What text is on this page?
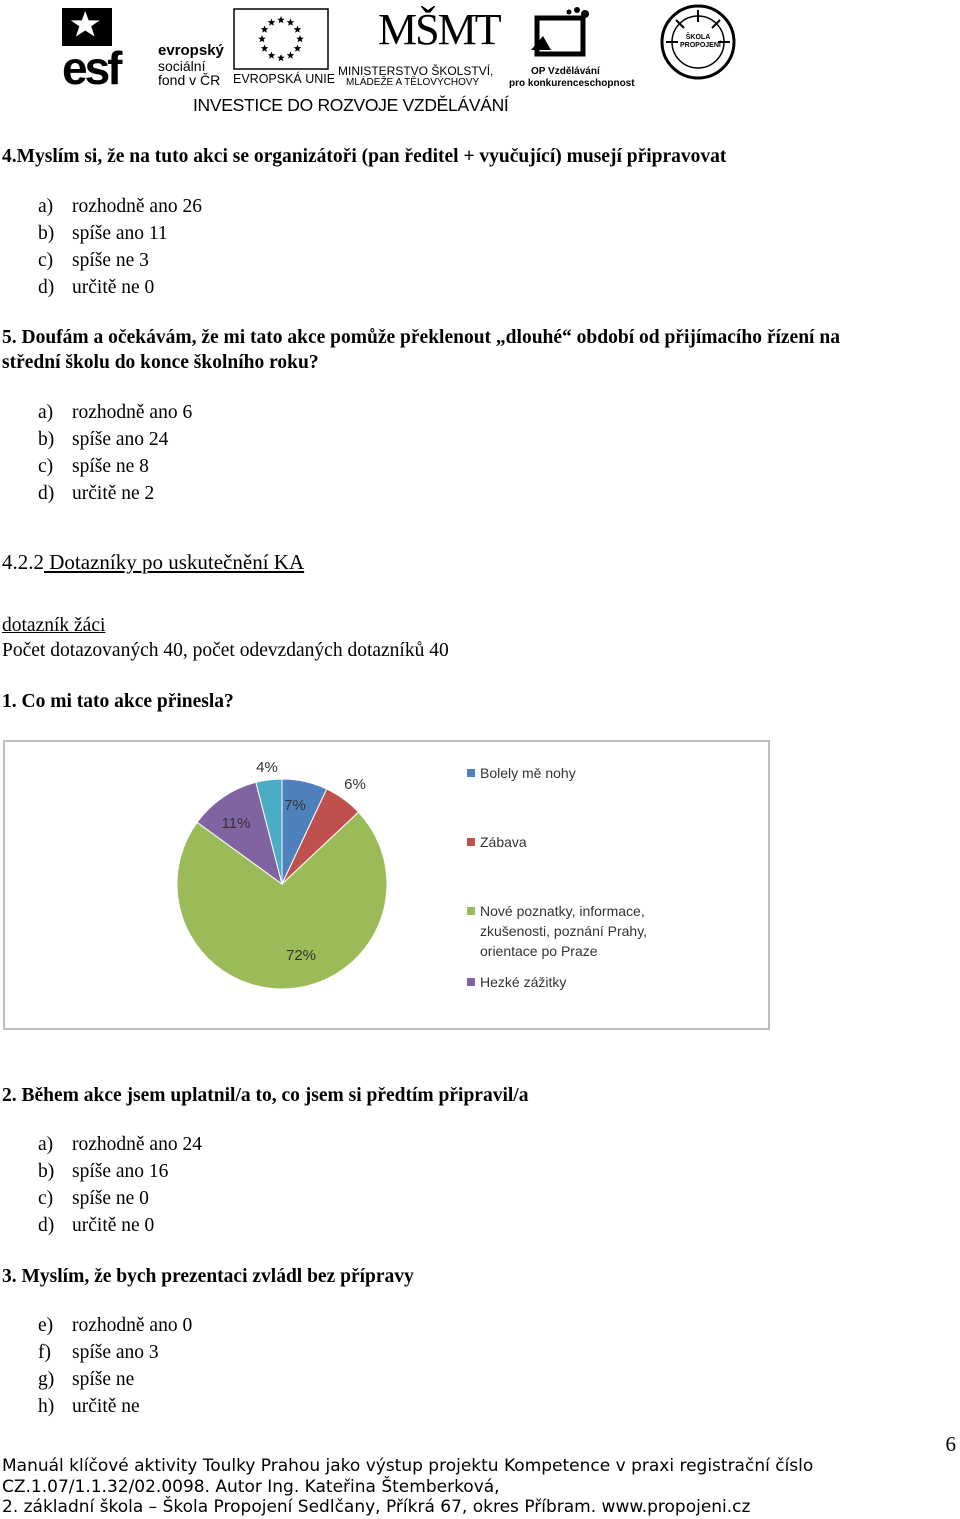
esf	evropský
sociální
fond v ČR EVROPSKÁ UNIE
MŠMT
MINISTERSTVO ŠKOLSTVÍ,
MLÁDEŽE A TĚLOVÝCHOVY
OP Vzdělávání
pro konkurenceschopnost
ŠKOLA PROPOJENÍ
INVESTICE DO ROZVOJE VZDĚLÁVÁNÍ
4.Myslím si, že na tuto akci se organizátoři (pan ředitel + vyučující) musejí připravovat
a) rozhodně ano 26
b) spíše ano 11
c) spíše ne 3
d) určitě ne 0
5. Doufám a očekávám, že mi tato akce pomůže překlenout „dlouhé“ období od přijímacího řízení na
střední školu do konce školního roku?
a) rozhodně ano 6
b) spíše ano 24
c) spíše ne 8
d) určitě ne 2
4.2.2 Dotazníky po uskutečnění KA
dotazník žáci
Počet dotazovaných 40, počet odevzdaných dotazníků 40
1. Co mi tato akce přinesla?
7%
6%
72%
11%
4%	Bolely mě nohy
Zábava
Nové poznatky, informace,
zkušenosti, poznání Prahy,
orientace po Praze
Hezké zážitky
2. Během akce jsem uplatnil/a to, co jsem si předtím připravil/a
a) rozhodně ano 24
b) spíše ano 16
c) spíše ne 0
d) určitě ne 0
3. Myslím, že bych prezentaci zvládl bez přípravy
e) rozhodně ano 0
f) spíše ano 3
g) spíše ne
h) určitě ne
6
Manuál klíčové aktivity Toulky Prahou jako výstup projektu Kompetence v praxi registrační číslo
CZ.1.07/1.1.32/02.0098. Autor Ing. Kateřina Štemberková,
2. základní škola – Škola Propojení Sedlčany, Příkrá 67, okres Příbram. www.propojeni.cz
